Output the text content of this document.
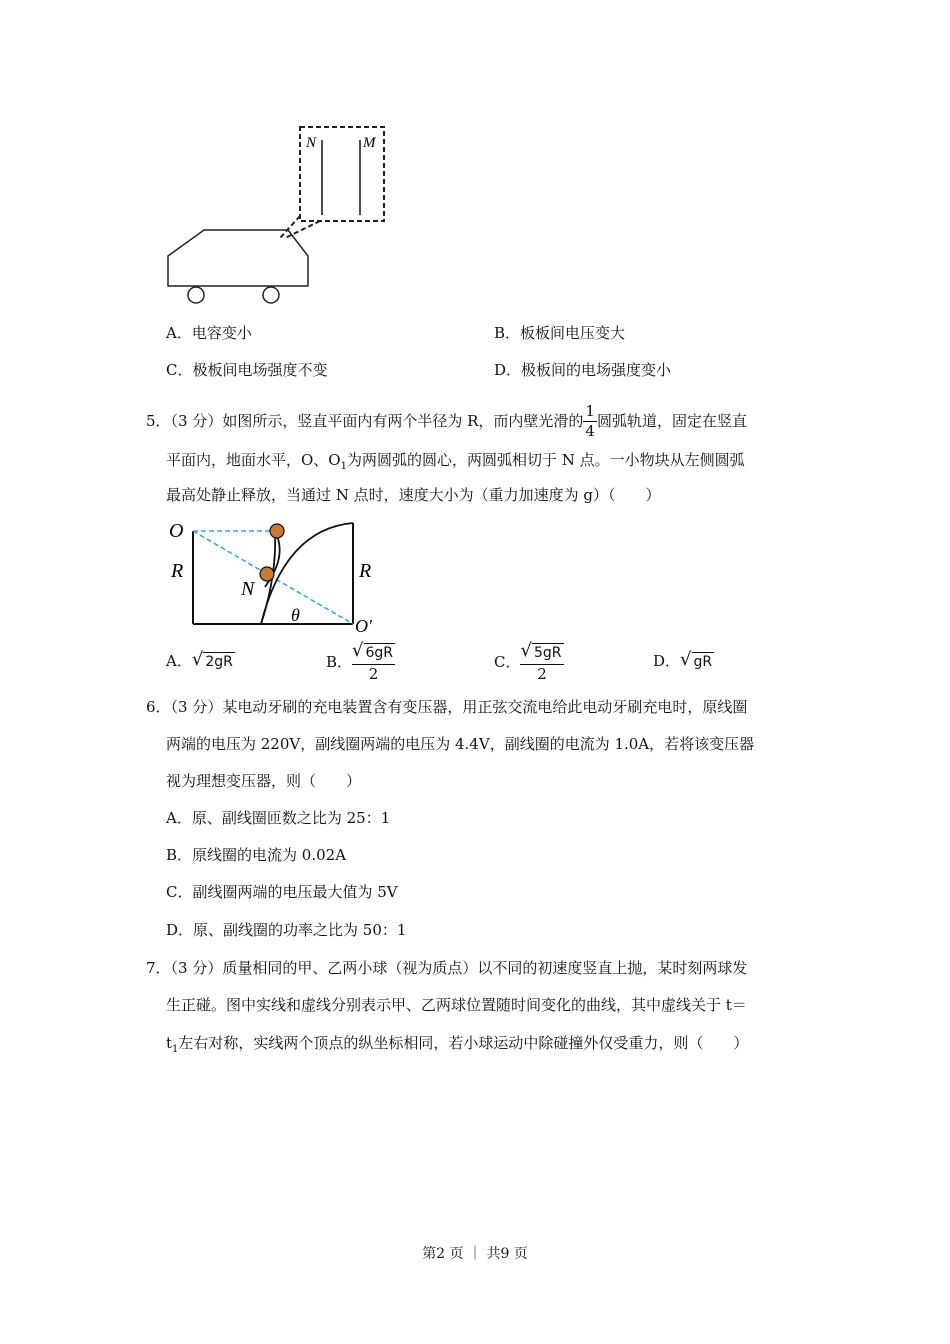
N	M
A．电容变小	B．板板间电压变大
C．极板间电场强度不变	D．极板间的电场强度变小
5．（3 分）如图所示，竖直平面内有两个半径为 R，而内壁光滑的 $\frac{1}{4}$ 圆弧轨道，固定在竖直
平面内，地面水平，O、$O_1$为两圆弧的圆心，两圆弧相切于 N 点。一小物块从左侧圆弧
最高处静止释放，当通过 N 点时，速度大小为（重力加速度为 g）（　　）
O
R
N
θ
R
O′
A． √ 2gR	B． $\frac{√ 6gR}{2}$	C． $\frac{√ 5gR}{2}$	D． √ gR
6．（3 分）某电动牙刷的充电装置含有变压器，用正弦交流电给此电动牙刷充电时，原线圈
两端的电压为 220V，副线圈两端的电压为 4.4V，副线圈的电流为 1.0A，若将该变压器
视为理想变压器，则（　　）
A．原、副线圈匝数之比为 25：1
B．原线圈的电流为 0.02A
C．副线圈两端的电压最大值为 5V
D．原、副线圈的功率之比为 50：1
7．（3 分）质量相同的甲、乙两小球（视为质点）以不同的初速度竖直上抛，某时刻两球发
生正碰。图中实线和虚线分别表示甲、乙两球位置随时间变化的曲线，其中虚线关于 t＝
$t_1$左右对称，实线两个顶点的纵坐标相同，若小球运动中除碰撞外仅受重力，则（　　）
第2 页 ｜ 共9 页
